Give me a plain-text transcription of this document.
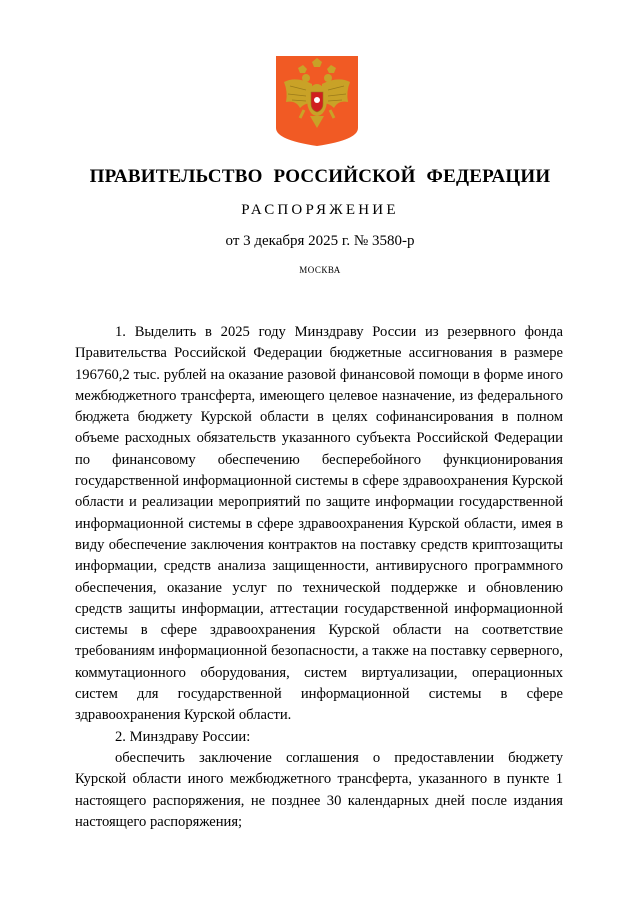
ПРАВИТЕЛЬСТВО РОССИЙСКОЙ ФЕДЕРАЦИИ
РАСПОРЯЖЕНИЕ
от 3 декабря 2025 г. № 3580-р
МОСКВА

1. Выделить в 2025 году Минздраву России из резервного фонда Правительства Российской Федерации бюджетные ассигнования в размере 196760,2 тыс. рублей на оказание разовой финансовой помощи в форме иного межбюджетного трансферта, имеющего целевое назначение, из федерального бюджета бюджету Курской области в целях софинансирования в полном объеме расходных обязательств указанного субъекта Российской Федерации по финансовому обеспечению бесперебойного функционирования государственной информационной системы в сфере здравоохранения Курской области и реализации мероприятий по защите информации государственной информационной системы в сфере здравоохранения Курской области, имея в виду обеспечение заключения контрактов на поставку средств криптозащиты информации, средств анализа защищенности, антивирусного программного обеспечения, оказание услуг по технической поддержке и обновлению средств защиты информации, аттестации государственной информационной системы в сфере здравоохранения Курской области на соответствие требованиям информационной безопасности, а также на поставку серверного, коммутационного оборудования, систем виртуализации, операционных систем для государственной информационной системы в сфере здравоохранения Курской области.

2. Минздраву России:

обеспечить заключение соглашения о предоставлении бюджету Курской области иного межбюджетного трансферта, указанного в пункте 1 настоящего распоряжения, не позднее 30 календарных дней после издания настоящего распоряжения;
